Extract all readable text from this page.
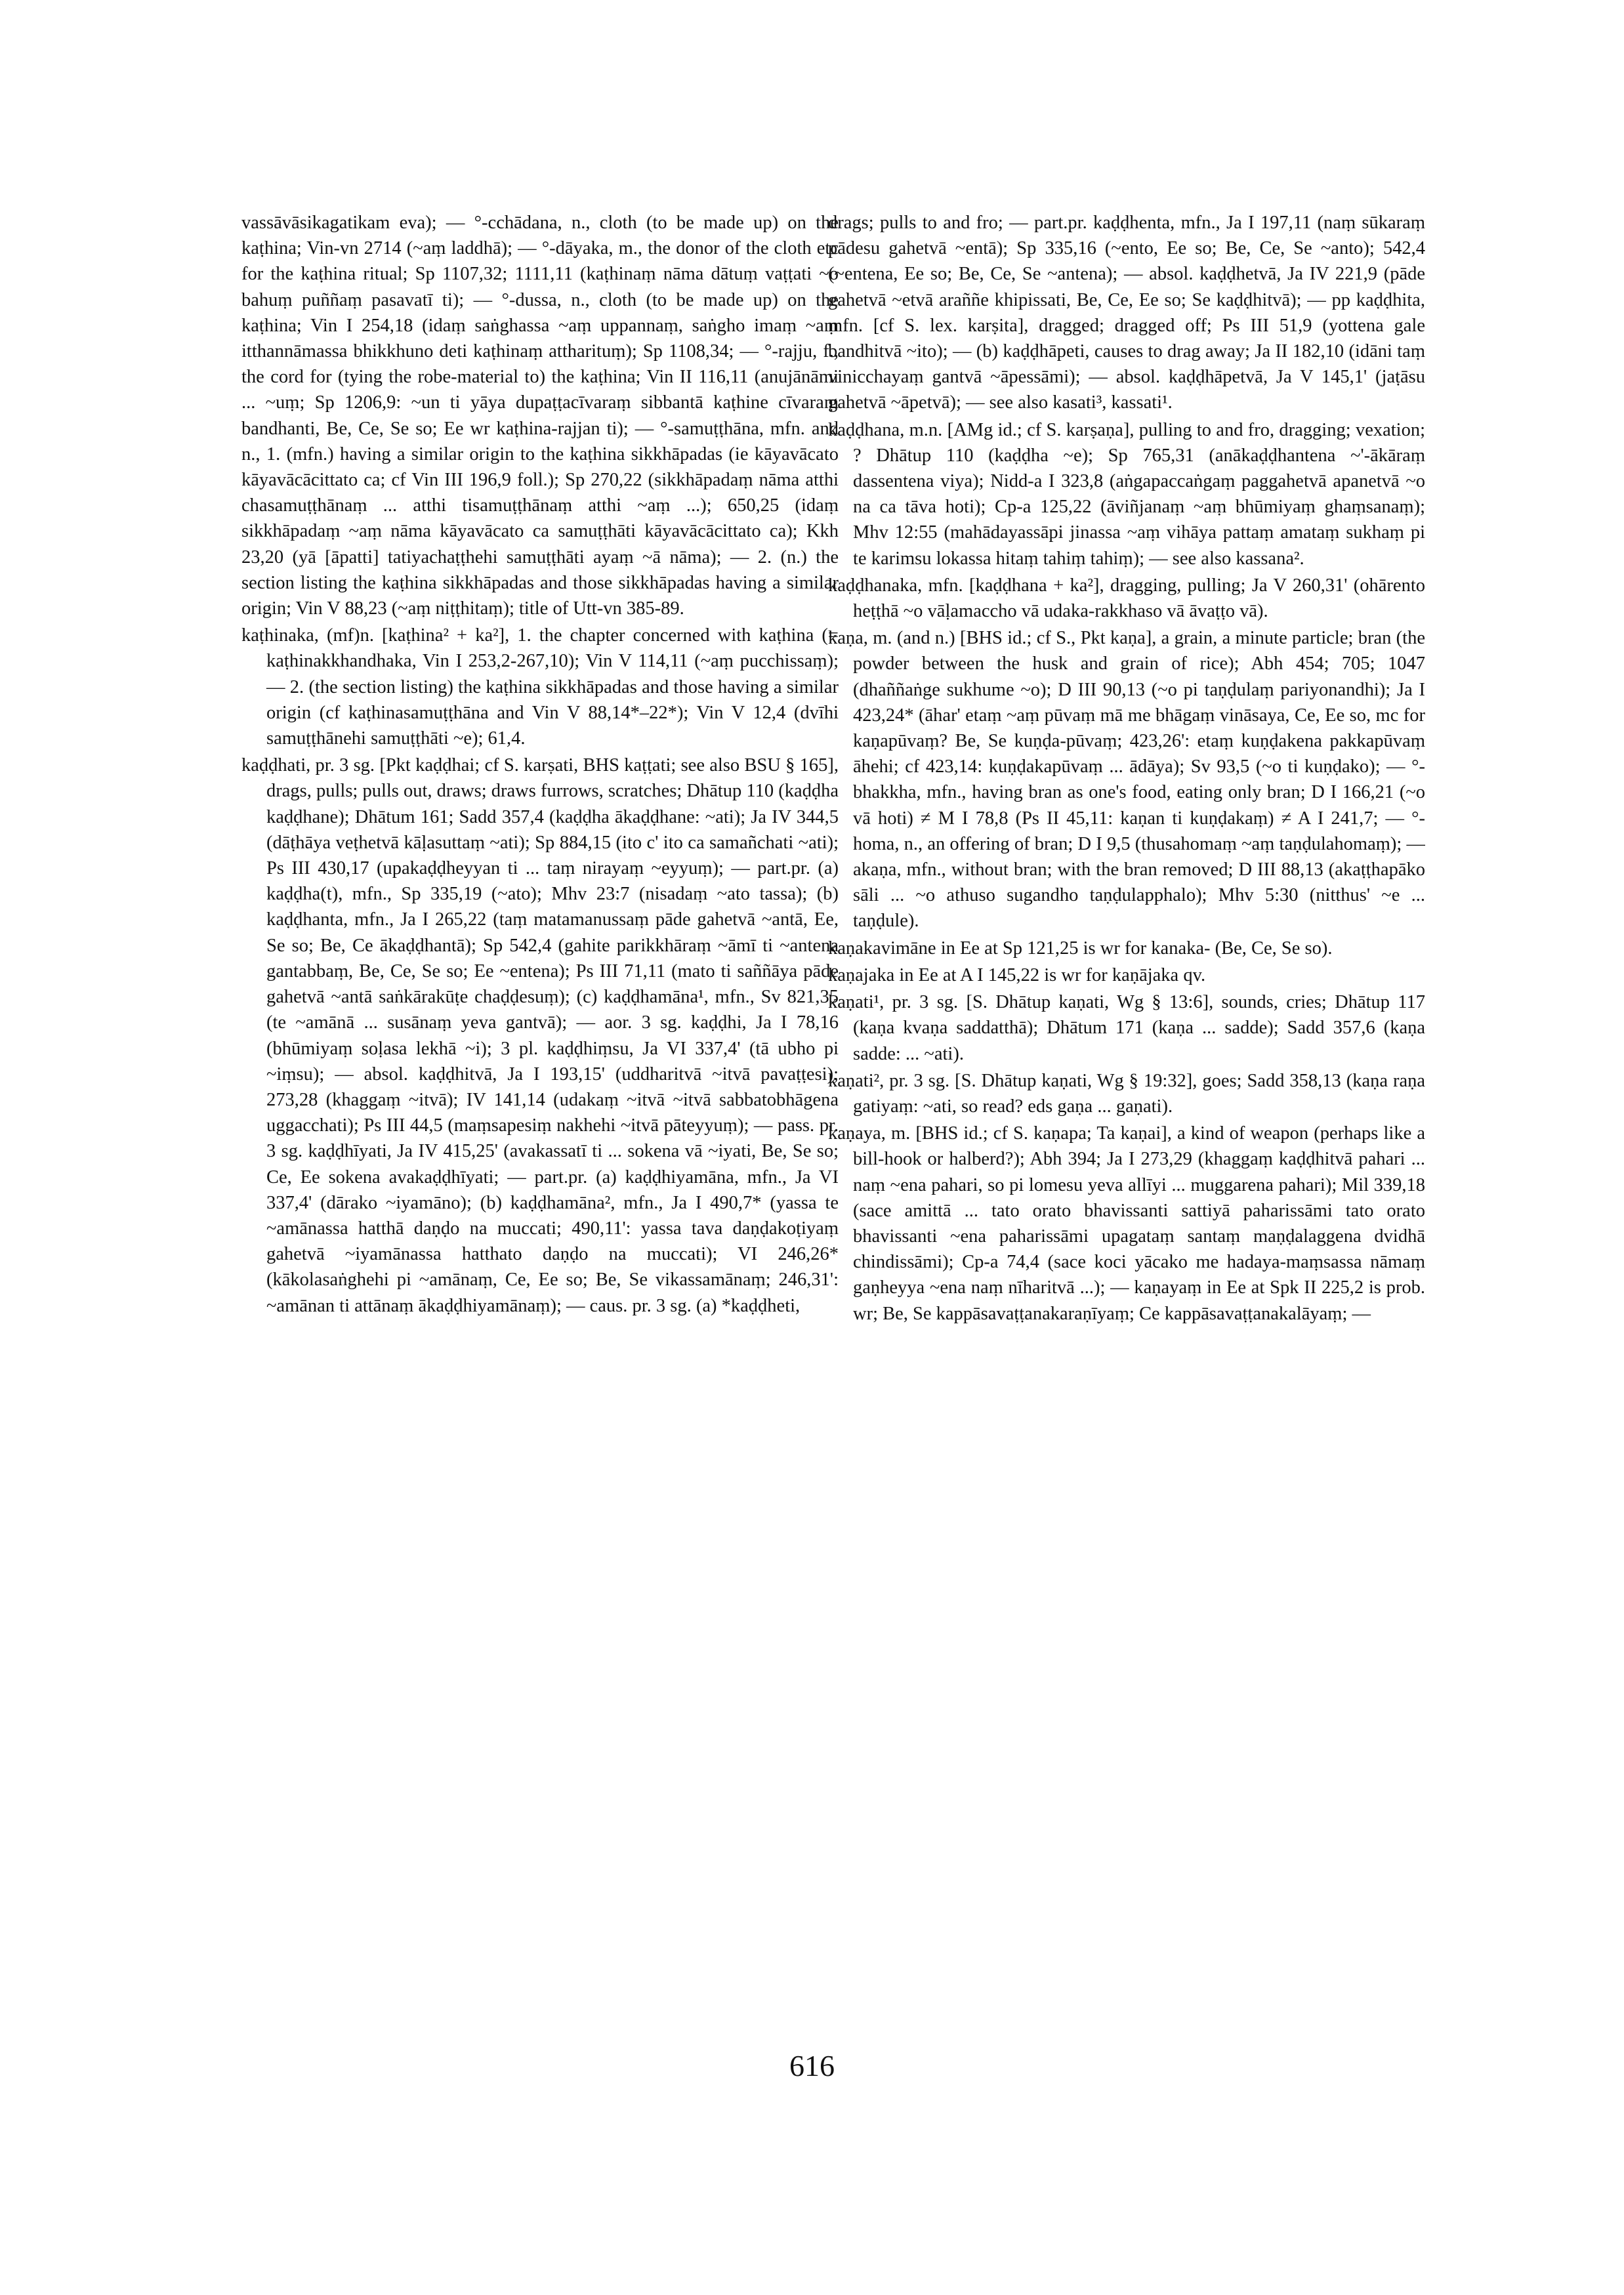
vassāvāsikagatikam eva); — °-cchādana, n., cloth (to be made up) on the kaṭhina; Vin-vn 2714 (~aṃ laddhā); — °-dāyaka, m., the donor of the cloth etc for the kaṭhina ritual; Sp 1107,32; 1111,11 (kaṭhinaṃ nāma dātuṃ vaṭṭati ~o bahuṃ puññaṃ pasavatī ti); — °-dussa, n., cloth (to be made up) on the kaṭhina; Vin I 254,18 (idaṃ saṅghassa ~aṃ uppannaṃ, saṅgho imaṃ ~aṃ itthannāmassa bhikkhuno deti kaṭhinaṃ attharituṃ); Sp 1108,34; — °-rajju, f., the cord for (tying the robe-material to) the kaṭhina; Vin II 116,11 (anujānāmi ... ~uṃ; Sp 1206,9: ~un ti yāya dupaṭṭacīvaraṃ sibbantā kaṭhine cīvaraṃ bandhanti, Be, Ce, Se so; Ee wr kaṭhina-rajjan ti); — °-samuṭṭhāna, mfn. and n., 1. (mfn.) having a similar origin to the kaṭhina sikkhāpadas (ie kāyavācato kāyavācācittato ca; cf Vin III 196,9 foll.); Sp 270,22 (sikkhāpadaṃ nāma atthi chasamuṭṭhānaṃ ... atthi tisamuṭṭhānaṃ atthi ~aṃ ...); 650,25 (idaṃ sikkhāpadaṃ ~aṃ nāma kāyavācato ca samuṭṭhāti kāyavācācittato ca); Kkh 23,20 (yā [āpatti] tatiyachaṭṭhehi samuṭṭhāti ayaṃ ~ā nāma); — 2. (n.) the section listing the kaṭhina sikkhāpadas and those sikkhāpadas having a similar origin; Vin V 88,23 (~aṃ niṭṭhitaṃ); title of Utt-vn 385-89.

kaṭhinaka, (mf)n. [kaṭhina² + ka²], 1. the chapter concerned with kaṭhina (= kaṭhinakkhandhaka, Vin I 253,2-267,10); Vin V 114,11 (~aṃ pucchissaṃ); — 2. (the section listing) the kaṭhina sikkhāpadas and those having a similar origin (cf kaṭhinasamuṭṭhāna and Vin V 88,14*–22*); Vin V 12,4 (dvīhi samuṭṭhānehi samuṭṭhāti ~e); 61,4.

kaḍḍhati, pr. 3 sg. [Pkt kaḍḍhai; cf S. karṣati, BHS kaṭṭati; see also BSU § 165], drags, pulls; pulls out, draws; draws furrows, scratches; Dhātup 110 (kaḍḍha kaḍḍhane); Dhātum 161; Sadd 357,4 (kaḍḍha ākaḍḍhane: ~ati); Ja IV 344,5 (dāṭhāya veṭhetvā kāḷasuttaṃ ~ati); Sp 884,15 (ito c' ito ca samañchati ~ati); Ps III 430,17 (upakaḍḍheyyan ti ... taṃ nirayaṃ ~eyyuṃ); — part.pr. (a) kaḍḍha(t), mfn., Sp 335,19 (~ato); Mhv 23:7 (nisadaṃ ~ato tassa); (b) kaḍḍhanta, mfn., Ja I 265,22 (taṃ matamanussaṃ pāde gahetvā ~antā, Ee, Se so; Be, Ce ākaḍḍhantā); Sp 542,4 (gahite parikkhāraṃ ~āmī ti ~antena gantabbaṃ, Be, Ce, Se so; Ee ~entena); Ps III 71,11 (mato ti saññāya pāde gahetvā ~antā saṅkārakūṭe chaḍḍesuṃ); (c) kaḍḍhamāna¹, mfn., Sv 821,35 (te ~amānā ... susānaṃ yeva gantvā); — aor. 3 sg. kaḍḍhi, Ja I 78,16 (bhūmiyaṃ soḷasa lekhā ~i); 3 pl. kaḍḍhiṃsu, Ja VI 337,4' (tā ubho pi ~iṃsu); — absol. kaḍḍhitvā, Ja I 193,15' (uddharitvā ~itvā pavaṭṭesi); 273,28 (khaggaṃ ~itvā); IV 141,14 (udakaṃ ~itvā ~itvā sabbatobhāgena uggacchati); Ps III 44,5 (maṃsapesiṃ nakhehi ~itvā pāteyyuṃ); — pass. pr. 3 sg. kaḍḍhīyati, Ja IV 415,25' (avakassatī ti ... sokena vā ~iyati, Be, Se so; Ce, Ee sokena avakaḍḍhīyati; — part.pr. (a) kaḍḍhiyamāna, mfn., Ja VI 337,4' (dārako ~iyamāno); (b) kaḍḍhamāna², mfn., Ja I 490,7* (yassa te ~amānassa hatthā daṇḍo na muccati; 490,11': yassa tava daṇḍakoṭiyaṃ gahetvā ~iyamānassa hatthato daṇḍo na muccati); VI 246,26* (kākolasaṅghehi pi ~amānaṃ, Ce, Ee so; Be, Se vikassamānaṃ; 246,31': ~amānan ti attānaṃ ākaḍḍhiyamānaṃ); — caus. pr. 3 sg. (a) *kaḍḍheti,

drags; pulls to and fro; — part.pr. kaḍḍhenta, mfn., Ja I 197,11 (naṃ sūkaraṃ pādesu gahetvā ~entā); Sp 335,16 (~ento, Ee so; Be, Ce, Se ~anto); 542,4 (~entena, Ee so; Be, Ce, Se ~antena); — absol. kaḍḍhetvā, Ja IV 221,9 (pāde gahetvā ~etvā araññe khipissati, Be, Ce, Ee so; Se kaḍḍhitvā); — pp kaḍḍhita, mfn. [cf S. lex. karṣita], dragged; dragged off; Ps III 51,9 (yottena gale bandhitvā ~ito); — (b) kaḍḍhāpeti, causes to drag away; Ja II 182,10 (idāni taṃ vinicchayaṃ gantvā ~āpessāmi); — absol. kaḍḍhāpetvā, Ja V 145,1' (jaṭāsu gahetvā ~āpetvā); — see also kasati³, kassati¹.

kaḍḍhana, m.n. [AMg id.; cf S. karṣaṇa], pulling to and fro, dragging; vexation; ? Dhātup 110 (kaḍḍha ~e); Sp 765,31 (anākaḍḍhantena ~'-ākāraṃ dassentena viya); Nidd-a I 323,8 (aṅgapaccaṅgaṃ paggahetvā apanetvā ~o na ca tāva hoti); Cp-a 125,22 (āviñjanaṃ ~aṃ bhūmiyaṃ ghaṃsanaṃ); Mhv 12:55 (mahādayassāpi jinassa ~aṃ vihāya pattaṃ amataṃ sukhaṃ pi te karimsu lokassa hitaṃ tahiṃ tahiṃ); — see also kassana².

kaḍḍhanaka, mfn. [kaḍḍhana + ka²], dragging, pulling; Ja V 260,31' (ohārento heṭṭhā ~o vāḷamaccho vā udaka-rakkhaso vā āvaṭṭo vā).

kaṇa, m. (and n.) [BHS id.; cf S., Pkt kaṇa], a grain, a minute particle; bran (the powder between the husk and grain of rice); Abh 454; 705; 1047 (dhaññaṅge sukhume ~o); D III 90,13 (~o pi taṇḍulaṃ pariyonandhi); Ja I 423,24* (āhar' etaṃ ~aṃ pūvaṃ mā me bhāgaṃ vināsaya, Ce, Ee so, mc for kaṇapūvaṃ? Be, Se kuṇḍa-pūvaṃ; 423,26': etaṃ kuṇḍakena pakkapūvaṃ āhehi; cf 423,14: kuṇḍakapūvaṃ ... ādāya); Sv 93,5 (~o ti kuṇḍako); — °-bhakkha, mfn., having bran as one's food, eating only bran; D I 166,21 (~o vā hoti) ≠ M I 78,8 (Ps II 45,11: kaṇan ti kuṇḍakaṃ) ≠ A I 241,7; — °-homa, n., an offering of bran; D I 9,5 (thusahomaṃ ~aṃ taṇḍulahomaṃ); — akaṇa, mfn., without bran; with the bran removed; D III 88,13 (akaṭṭhapāko sāli ... ~o athuso sugandho taṇḍulapphalo); Mhv 5:30 (nitthus' ~e ... taṇḍule).

kaṇakavimāne in Ee at Sp 121,25 is wr for kanaka- (Be, Ce, Se so).

kaṇajaka in Ee at A I 145,22 is wr for kaṇājaka qv.

kaṇati¹, pr. 3 sg. [S. Dhātup kaṇati, Wg § 13:6], sounds, cries; Dhātup 117 (kaṇa kvaṇa saddatthā); Dhātum 171 (kaṇa ... sadde); Sadd 357,6 (kaṇa sadde: ... ~ati).

kaṇati², pr. 3 sg. [S. Dhātup kaṇati, Wg § 19:32], goes; Sadd 358,13 (kaṇa raṇa gatiyaṃ: ~ati, so read? eds gaṇa ... gaṇati).

kaṇaya, m. [BHS id.; cf S. kaṇapa; Ta kaṇai], a kind of weapon (perhaps like a bill-hook or halberd?); Abh 394; Ja I 273,29 (khaggaṃ kaḍḍhitvā pahari ... naṃ ~ena pahari, so pi lomesu yeva allīyi ... muggarena pahari); Mil 339,18 (sace amittā ... tato orato bhavissanti sattiyā paharissāmi tato orato bhavissanti ~ena paharissāmi upagataṃ santaṃ maṇḍalaggena dvidhā chindissāmi); Cp-a 74,4 (sace koci yācako me hadaya-maṃsassa nāmaṃ gaṇheyya ~ena naṃ nīharitvā ...); — kaṇayaṃ in Ee at Spk II 225,2 is prob. wr; Be, Se kappāsavaṭṭanakaraṇīyaṃ; Ce kappāsavaṭṭanakalāyaṃ; —

616
